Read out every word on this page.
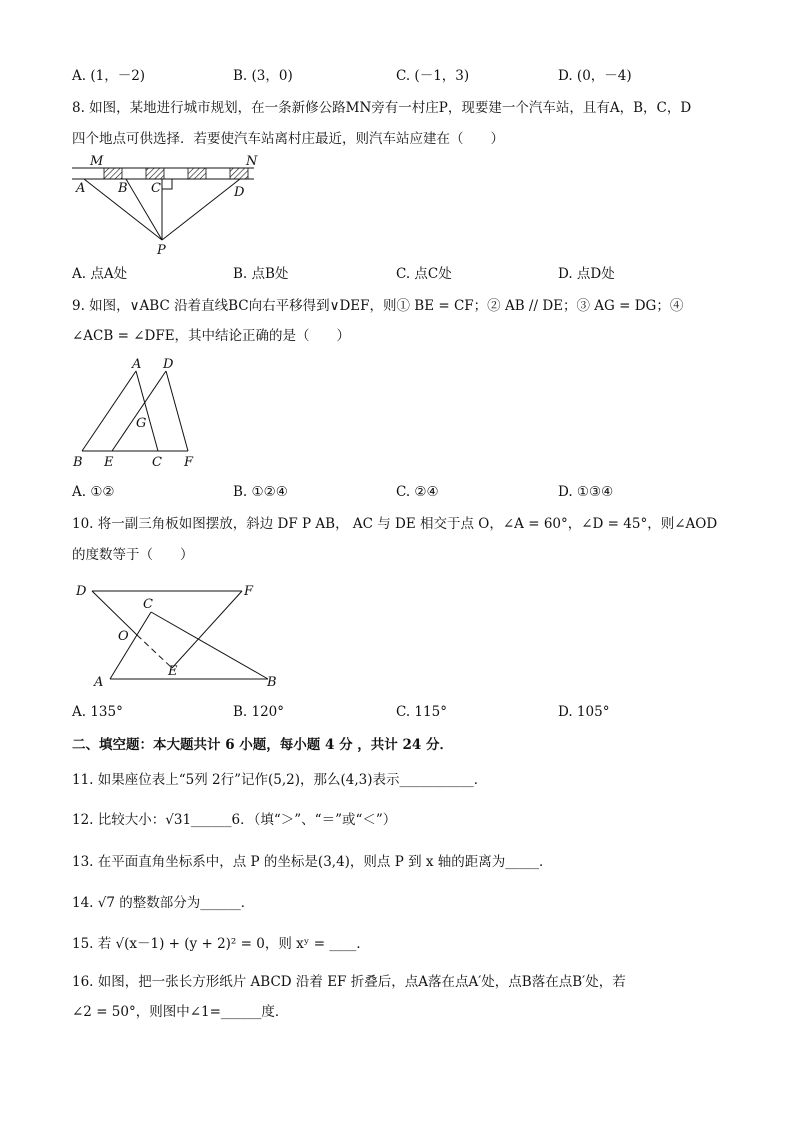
A. (1，－2)	B. (3，0)	C. (－1，3)	D. (0，－4)
8. 如图，某地进行城市规划，在一条新修公路MN旁有一村庄P，现要建一个汽车站，且有A，B，C，D
四个地点可供选择．若要使汽车站离村庄最近，则汽车站应建在（　　）
M	N
A	B C	D
P
A. 点A处	B. 点B处	C. 点C处	D. 点D处
9. 如图，∨ABC 沿着直线BC向右平移得到∨DEF，则① BE = CF；② AB // DE；③ AG = DG；④
∠ACB = ∠DFE，其中结论正确的是（　　）
A D
G
B E	C F
A. ①②	B. ①②④	C. ②④	D. ①③④
10. 将一副三角板如图摆放，斜边 DF P AB， AC 与 DE 相交于点 O，∠A = 60°，∠D = 45°，则∠AOD
的度数等于（　　）
D	F
C
O
E
A	B
A. 135°	B. 120°	C. 115°	D. 105°
二、填空题：本大题共计 6 小题，每小题 4 分 ，共计 24 分．
11. 如果座位表上“5列 2行”记作(5,2)，那么(4,3)表示___________．
12. 比较大小：√31______6．（填“＞”、“＝”或“＜”）
13. 在平面直角坐标系中，点 P 的坐标是(3,4)，则点 P 到 x 轴的距离为_____．
14. √7 的整数部分为______．
15. 若 √(x－1) + (y + 2)² = 0，则 xʸ = ____．
16. 如图，把一张长方形纸片 ABCD 沿着 EF 折叠后，点A落在点A′处，点B落在点B′处，若
∠2 = 50°，则图中∠1=______度．
